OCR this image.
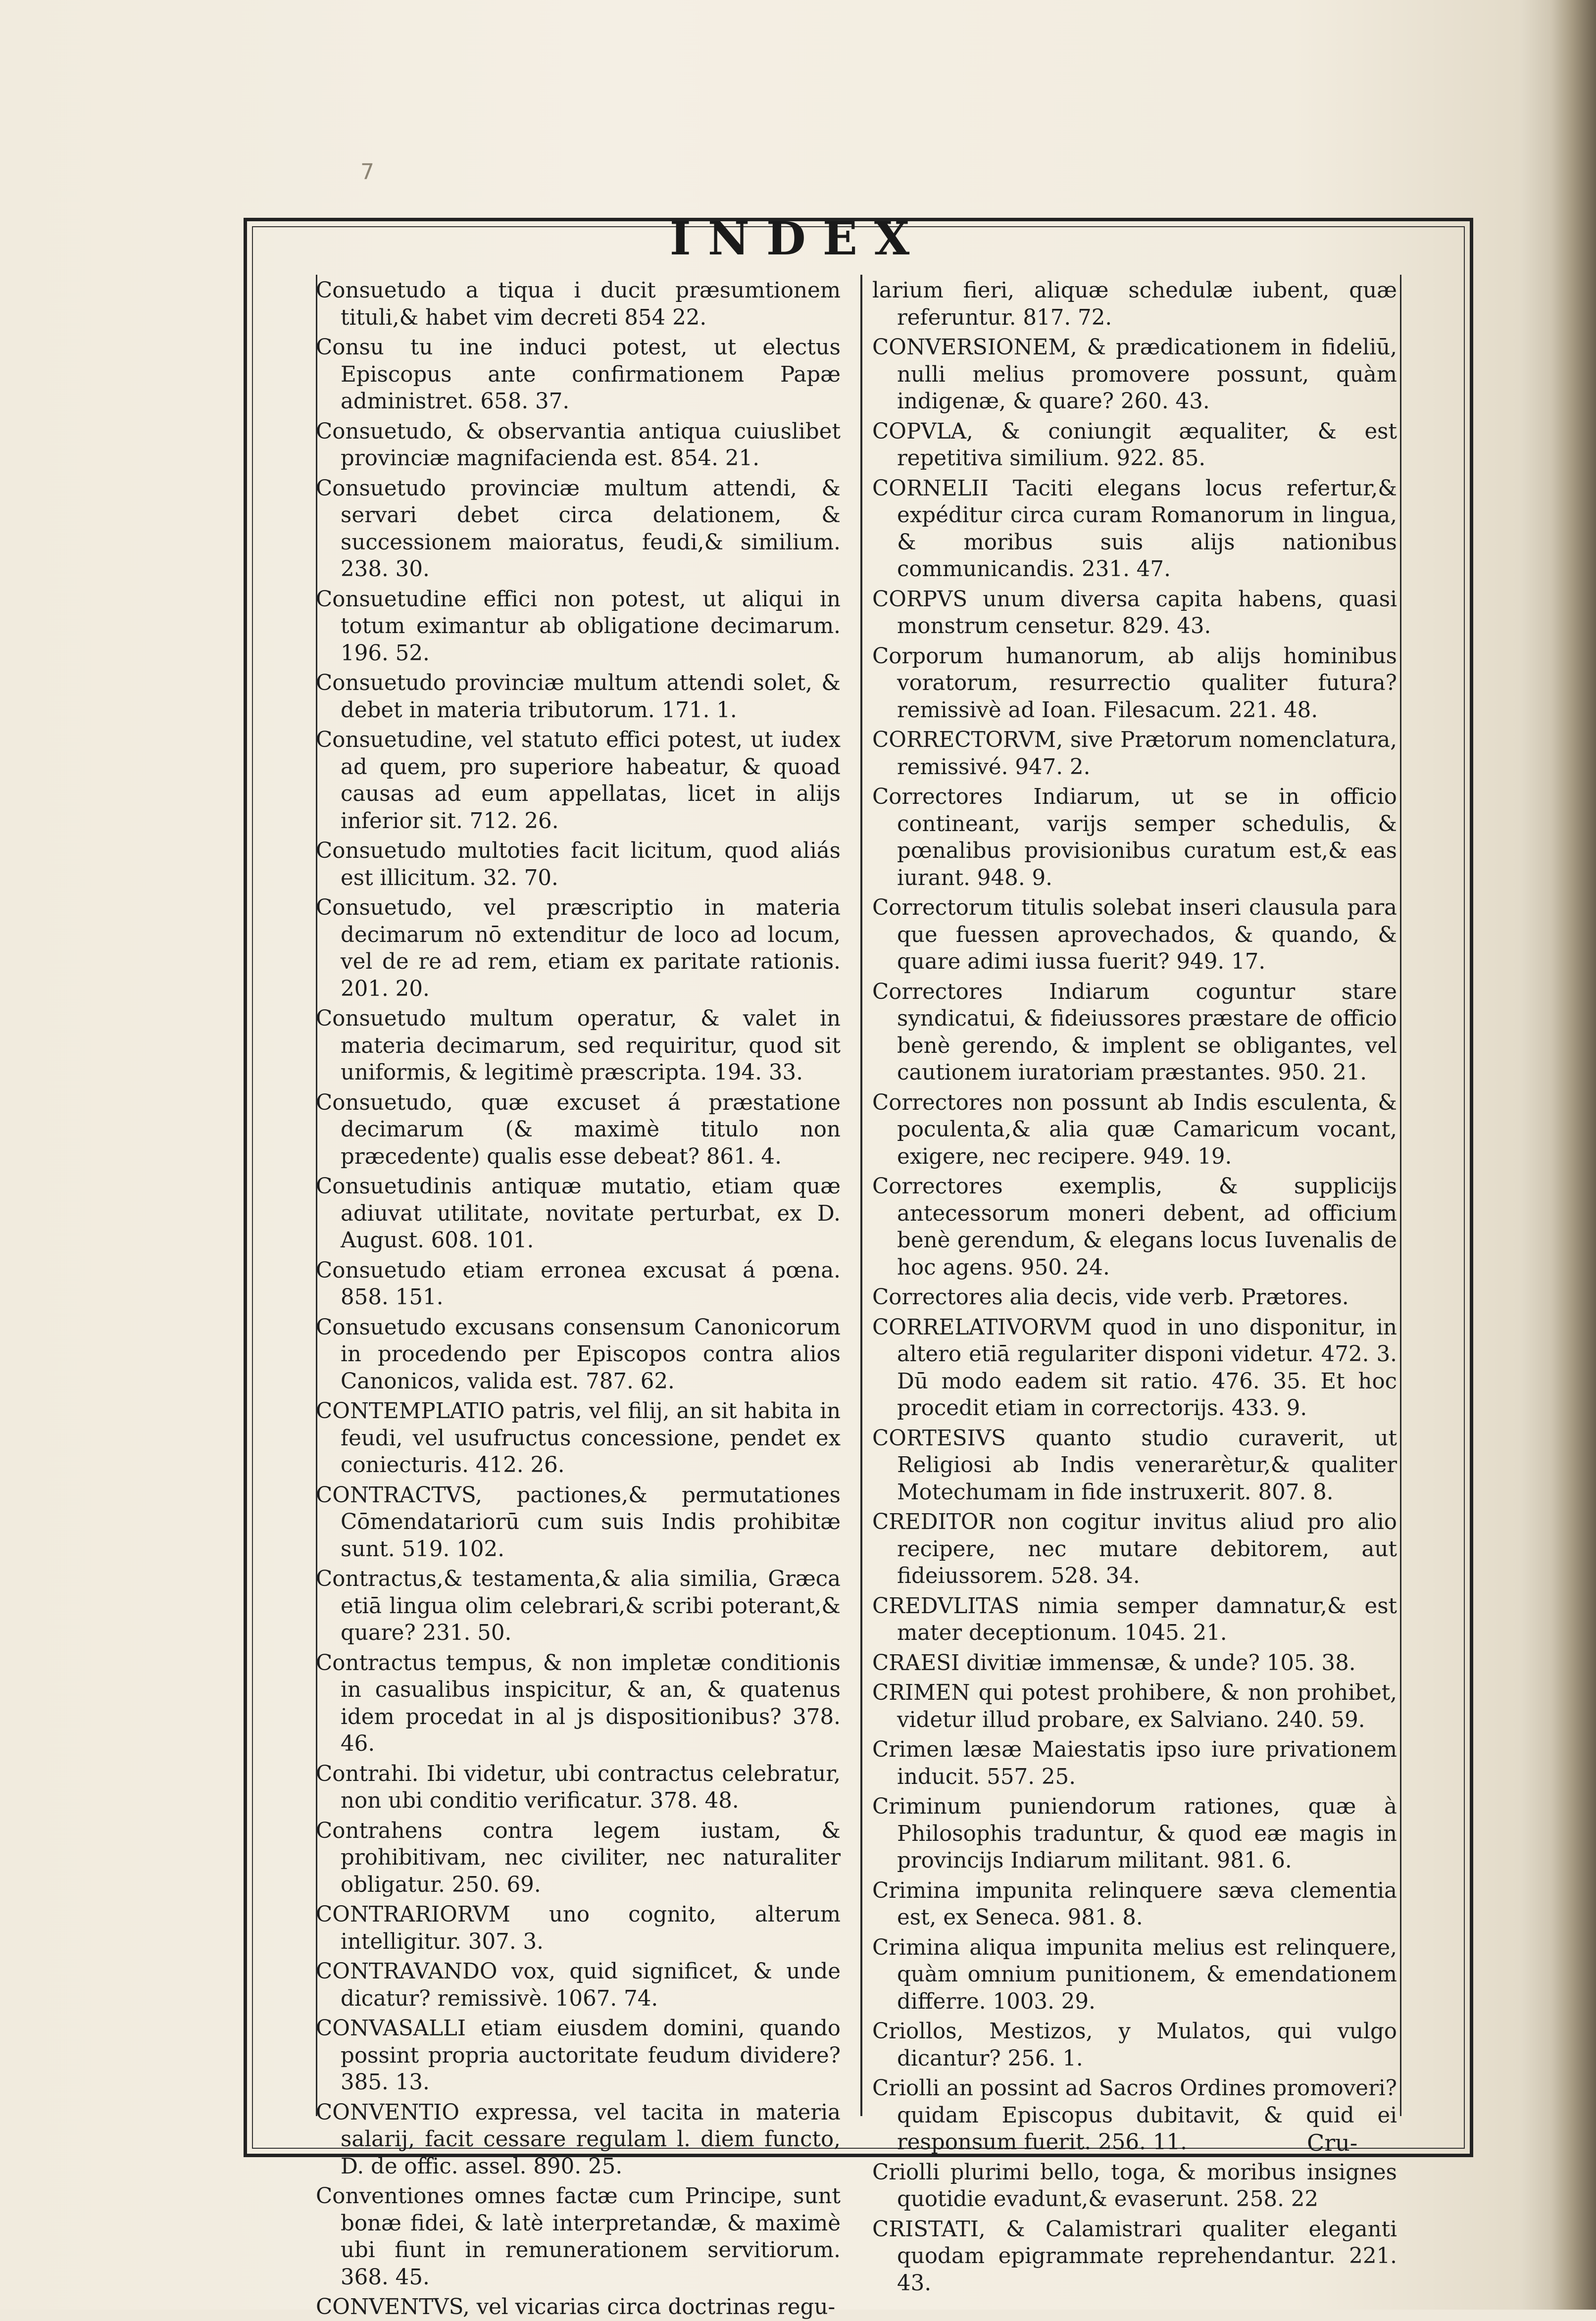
7
INDEX

Consuetudo a tiqua i ducit præsumtionem tituli,& habet vim decreti 854 22.

Consu tu ine induci potest, ut electus Episcopus ante confirmationem Papæ administret. 658. 37.

Consuetudo, & observantia antiqua cuiuslibet provinciæ magnifacienda est. 854. 21.

Consuetudo provinciæ multum attendi, & servari debet circa delationem, & successionem maioratus, feudi,& similium. 238. 30.

Consuetudine effici non potest, ut aliqui in totum eximantur ab obligatione decimarum. 196. 52.

Consuetudo provinciæ multum attendi solet, & debet in materia tributorum. 171. 1.

Consuetudine, vel statuto effici potest, ut iudex ad quem, pro superiore habeatur, & quoad causas ad eum appellatas, licet in alijs inferior sit. 712. 26.

Consuetudo multoties facit licitum, quod aliás est illicitum. 32. 70.

Consuetudo, vel præscriptio in materia decimarum nō extenditur de loco ad locum, vel de re ad rem, etiam ex paritate rationis. 201. 20.

Consuetudo multum operatur, & valet in materia decimarum, sed requiritur, quod sit uniformis, & legitimè præscripta. 194. 33.

Consuetudo, quæ excuset á præstatione decimarum (& maximè titulo non præcedente) qualis esse debeat? 861. 4.

Consuetudinis antiquæ mutatio, etiam quæ adiuvat utilitate, novitate perturbat, ex D. August. 608. 101.

Consuetudo etiam erronea excusat á pœna. 858. 151.

Consuetudo excusans consensum Canonicorum in procedendo per Episcopos contra alios Canonicos, valida est. 787. 62.

CONTEMPLATIO patris, vel filij, an sit habita in feudi, vel usufructus concessione, pendet ex coniecturis. 412. 26.

CONTRACTVS, pactiones,& permutationes Cōmendatariorū cum suis Indis prohibitæ sunt. 519. 102.

Contractus,& testamenta,& alia similia, Græca etiā lingua olim celebrari,& scribi poterant,& quare? 231. 50.

Contractus tempus, & non impletæ conditionis in casualibus inspicitur, & an, & quatenus idem procedat in al js dispositionibus? 378. 46.

Contrahi. Ibi videtur, ubi contractus celebratur, non ubi conditio verificatur. 378. 48.

Contrahens contra legem iustam, & prohibitivam, nec civiliter, nec naturaliter obligatur. 250. 69.

CONTRARIORVM uno cognito, alterum intelligitur. 307. 3.

CONTRAVANDO vox, quid significet, & unde dicatur? remissivè. 1067. 74.

CONVASALLI etiam eiusdem domini, quando possint propria auctoritate feudum dividere? 385. 13.

CONVENTIO expressa, vel tacita in materia salarij, facit cessare regulam l. diem functo, D. de offic. assel. 890. 25.

Conventiones omnes factæ cum Principe, sunt bonæ fidei, & latè interpretandæ, & maximè ubi fiunt in remunerationem servitiorum. 368. 45.

CONVENTVS, vel vicarias circa doctrinas regu-

larium fieri, aliquæ schedulæ iubent, quæ referuntur. 817. 72.

CONVERSIONEM, & prædicationem in fideliū, nulli melius promovere possunt, quàm indigenæ, & quare? 260. 43.

COPVLA, & coniungit æqualiter, & est repetitiva similium. 922. 85.

CORNELII Taciti elegans locus refertur,& expéditur circa curam Romanorum in lingua, & moribus suis alijs nationibus communicandis. 231. 47.

CORPVS unum diversa capita habens, quasi monstrum censetur. 829. 43.

Corporum humanorum, ab alijs hominibus voratorum, resurrectio qualiter futura? remissivè ad Ioan. Filesacum. 221. 48.

CORRECTORVM, sive Prætorum nomenclatura, remissivé. 947. 2.

Correctores Indiarum, ut se in officio contineant, varijs semper schedulis, & pœnalibus provisionibus curatum est,& eas iurant. 948. 9.

Correctorum titulis solebat inseri clausula para que fuessen aprovechados, & quando, & quare adimi iussa fuerit? 949. 17.

Correctores Indiarum coguntur stare syndicatui, & fideiussores præstare de officio benè gerendo, & implent se obligantes, vel cautionem iuratoriam præstantes. 950. 21.

Correctores non possunt ab Indis esculenta, & poculenta,& alia quæ Camaricum vocant, exigere, nec recipere. 949. 19.

Correctores exemplis, & supplicijs antecessorum moneri debent, ad officium benè gerendum, & elegans locus Iuvenalis de hoc agens. 950. 24.

Correctores alia decis, vide verb. Prætores.

CORRELATIVORVM quod in uno disponitur, in altero etiā regulariter disponi videtur. 472. 3. Dū modo eadem sit ratio. 476. 35. Et hoc procedit etiam in correctorijs. 433. 9.

CORTESIVS quanto studio curaverit, ut Religiosi ab Indis venerarètur,& qualiter Motechumam in fide instruxerit. 807. 8.

CREDITOR non cogitur invitus aliud pro alio recipere, nec mutare debitorem, aut fideiussorem. 528. 34.

CREDVLITAS nimia semper damnatur,& est mater deceptionum. 1045. 21.

CRAESI divitiæ immensæ, & unde? 105. 38.

CRIMEN qui potest prohibere, & non prohibet, videtur illud probare, ex Salviano. 240. 59.

Crimen læsæ Maiestatis ipso iure privationem inducit. 557. 25.

Criminum puniendorum rationes, quæ à Philosophis traduntur, & quod eæ magis in provincijs Indiarum militant. 981. 6.

Crimina impunita relinquere sæva clementia est, ex Seneca. 981. 8.

Crimina aliqua impunita melius est relinquere, quàm omnium punitionem, & emendationem differre. 1003. 29.

Criollos, Mestizos, y Mulatos, qui vulgo dicantur? 256. 1.

Criolli an possint ad Sacros Ordines promoveri? quidam Episcopus dubitavit, & quid ei responsum fuerit. 256. 11.

Criolli plurimi bello, toga, & moribus insignes quotidie evadunt,& evaserunt. 258. 22

CRISTATI, & Calamistrari qualiter eleganti quodam epigrammate reprehendantur. 221. 43.

Cru-
